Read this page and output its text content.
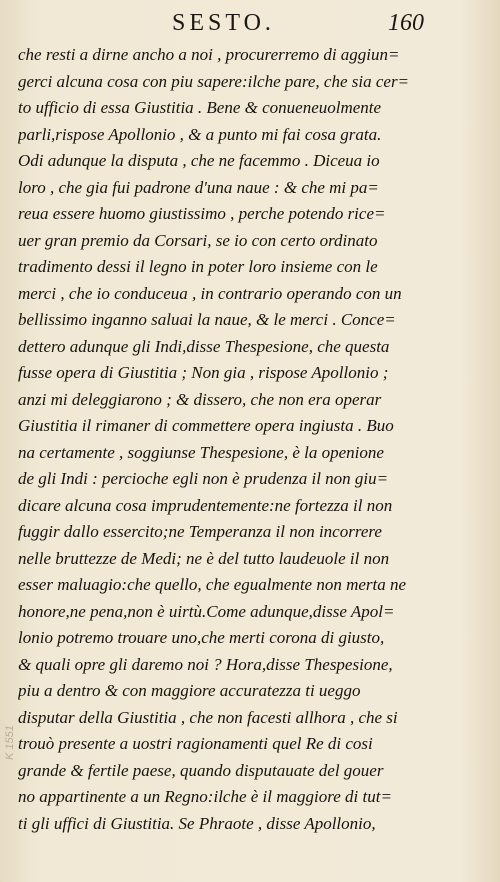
SESTO.	160
che resti a dirne ancho a noi , procurerremo di aggiun=
gerci alcuna cosa con piu sapere:ilche pare, che sia cer=
to ufficio di essa Giustitia . Bene & conueneuolmente
parli,rispose Apollonio , & a punto mi fai cosa grata.
Odi adunque la disputa , che ne facemmo . Diceua io
loro , che gia fui padrone d'una naue : & che mi pa=
reua essere huomo giustissimo , perche potendo rice=
uer gran premio da Corsari, se io con certo ordinato
tradimento dessi il legno in poter loro insieme con le
merci , che io conduceua , in contrario operando con un
bellissimo inganno saluai la naue, & le merci . Conce=
dettero adunque gli Indi,disse Thespesione, che questa
fusse opera di Giustitia ; Non gia , rispose Apollonio ;
anzi mi deleggiarono ; & dissero, che non era operar
Giustitia il rimaner di commettere opera ingiusta . Buo
na certamente , soggiunse Thespesione, è la openione
de gli Indi : percioche egli non è prudenza il non giu=
dicare alcuna cosa imprudentemente:ne fortezza il non
fuggir dallo essercito;ne Temperanza il non incorrere
nelle bruttezze de Medi; ne è del tutto laudeuole il non
esser maluagio:che quello, che egualmente non merta ne
honore,ne pena,non è uirtù.Come adunque,disse Apol=
lonio potremo trouare uno,che merti corona di giusto,
& quali opre gli daremo noi ? Hora,disse Thespesione,
piu a dentro & con maggiore accuratezza ti ueggo
disputar della Giustitia , che non facesti allhora , che si
trouò presente a uostri ragionamenti quel Re di cosi
grande & fertile paese, quando disputauate del gouer
no appartinente a un Regno:ilche è il maggiore di tut=
ti gli uffici di Giustitia. Se Phraote , disse Apollonio,
K 1551
